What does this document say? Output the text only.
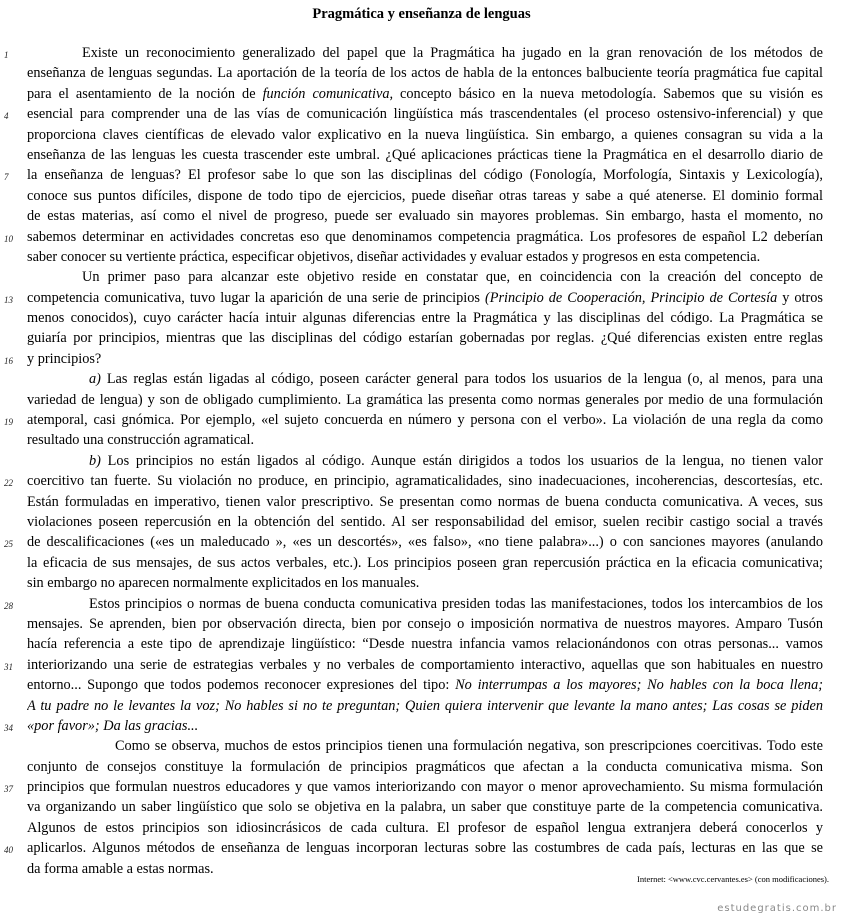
Pragmática y enseñanza de lenguas
1	Existe un reconocimiento generalizado del papel que la Pragmática ha jugado en la gran renovación de los métodos de
enseñanza de lenguas segundas. La aportación de la teoría de los actos de habla de la entonces balbuciente teoría pragmática fue capital
para el asentamiento de la noción de función comunicativa, concepto básico en la nueva metodología. Sabemos que su visión es
4	esencial para comprender una de las vías de comunicación lingüística más trascendentales (el proceso ostensivo-inferencial) y que
proporciona claves científicas de elevado valor explicativo en la nueva lingüística. Sin embargo, a quienes consagran su vida a la
enseñanza de las lenguas les cuesta trascender este umbral. ¿Qué aplicaciones prácticas tiene la Pragmática en el desarrollo diario de
7	la enseñanza de lenguas? El profesor sabe lo que son las disciplinas del código (Fonología, Morfología, Sintaxis y Lexicología),
conoce sus puntos difíciles, dispone de todo tipo de ejercicios, puede diseñar otras tareas y sabe a qué atenerse. El dominio formal
de estas materias, así como el nivel de progreso, puede ser evaluado sin mayores problemas. Sin embargo, hasta el momento, no
10 sabemos determinar en actividades concretas eso que denominamos competencia pragmática. Los profesores de español L2 deberían
saber conocer su vertiente práctica, especificar objetivos, diseñar actividades y evaluar estados y progresos en esta competencia.
Un primer paso para alcanzar este objetivo reside en constatar que, en coincidencia con la creación del concepto de
13 competencia comunicativa, tuvo lugar la aparición de una serie de principios (Principio de Cooperación, Principio de Cortesía y otros
menos conocidos), cuyo carácter hacía intuir algunas diferencias entre la Pragmática y las disciplinas del código. La Pragmática se
guiaría por principios, mientras que las disciplinas del código estarían gobernadas por reglas. ¿Qué diferencias existen entre reglas
16 y principios?
a) Las reglas están ligadas al código, poseen carácter general para todos los usuarios de la lengua (o, al menos, para una
variedad de lengua) y son de obligado cumplimiento. La gramática las presenta como normas generales por medio de una formulación
19 atemporal, casi gnómica. Por ejemplo, «el sujeto concuerda en número y persona con el verbo». La violación de una regla da como
resultado una construcción agramatical.
b) Los principios no están ligados al código. Aunque están dirigidos a todos los usuarios de la lengua, no tienen valor
22 coercitivo tan fuerte. Su violación no produce, en principio, agramaticalidades, sino inadecuaciones, incoherencias, descortesías, etc.
Están formuladas en imperativo, tienen valor prescriptivo. Se presentan como normas de buena conducta comunicativa. A veces, sus
violaciones poseen repercusión en la obtención del sentido. Al ser responsabilidad del emisor, suelen recibir castigo social a través
25 de descalificaciones («es un maleducado », «es un descortés», «es falso», «no tiene palabra»...) o con sanciones mayores (anulando
la eficacia de sus mensajes, de sus actos verbales, etc.). Los principios poseen gran repercusión práctica en la eficacia comunicativa;
sin embargo no aparecen normalmente explicitados en los manuales.
28	Estos principios o normas de buena conducta comunicativa presiden todas las manifestaciones, todos los intercambios de los
mensajes. Se aprenden, bien por observación directa, bien por consejo o imposición normativa de nuestros mayores. Amparo Tusón
hacía referencia a este tipo de aprendizaje lingüístico: “Desde nuestra infancia vamos relacionándonos con otras personas... vamos
31 interiorizando una serie de estrategias verbales y no verbales de comportamiento interactivo, aquellas que son habituales en nuestro
entorno... Supongo que todos podemos reconocer expresiones del tipo: No interrumpas a los mayores; No hables con la boca llena;
A tu padre no le levantes la voz; No hables si no te preguntan; Quien quiera intervenir que levante la mano antes; Las cosas se piden
34 «por favor»; Da las gracias...
Como se observa, muchos de estos principios tienen una formulación negativa, son prescripciones coercitivas. Todo este
conjunto de consejos constituye la formulación de principios pragmáticos que afectan a la conducta comunicativa misma. Son
37 principios que formulan nuestros educadores y que vamos interiorizando con mayor o menor aprovechamiento. Su misma formulación
va organizando un saber lingüístico que solo se objetiva en la palabra, un saber que constituye parte de la competencia comunicativa.
Algunos de estos principios son idiosincrásicos de cada cultura. El profesor de español lengua extranjera deberá conocerlos y
40 aplicarlos. Algunos métodos de enseñanza de lenguas incorporan lecturas sobre las costumbres de cada país, lecturas en las que se
da forma amable a estas normas.
Internet: <www.cvc.cervantes.es> (con modificaciones).
estudegratis.com.br
